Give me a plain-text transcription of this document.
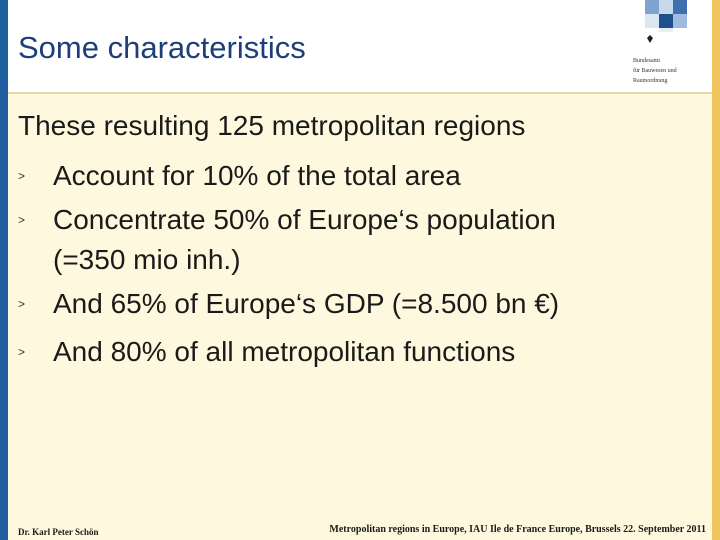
Some characteristics	Bundesamt
für Bauwesen und
Raumordnung
These resulting 125 metropolitan regions
> Account for 10% of the total area
> Concentrate 50% of Europe‘s population
(=350 mio inh.)
> And 65% of Europe‘s GDP (=8.500 bn €)
> And 80% of all metropolitan functions
Dr. Karl Peter Schön	Metropolitan regions in Europe, IAU Ile de France Europe, Brussels 22. September 2011
